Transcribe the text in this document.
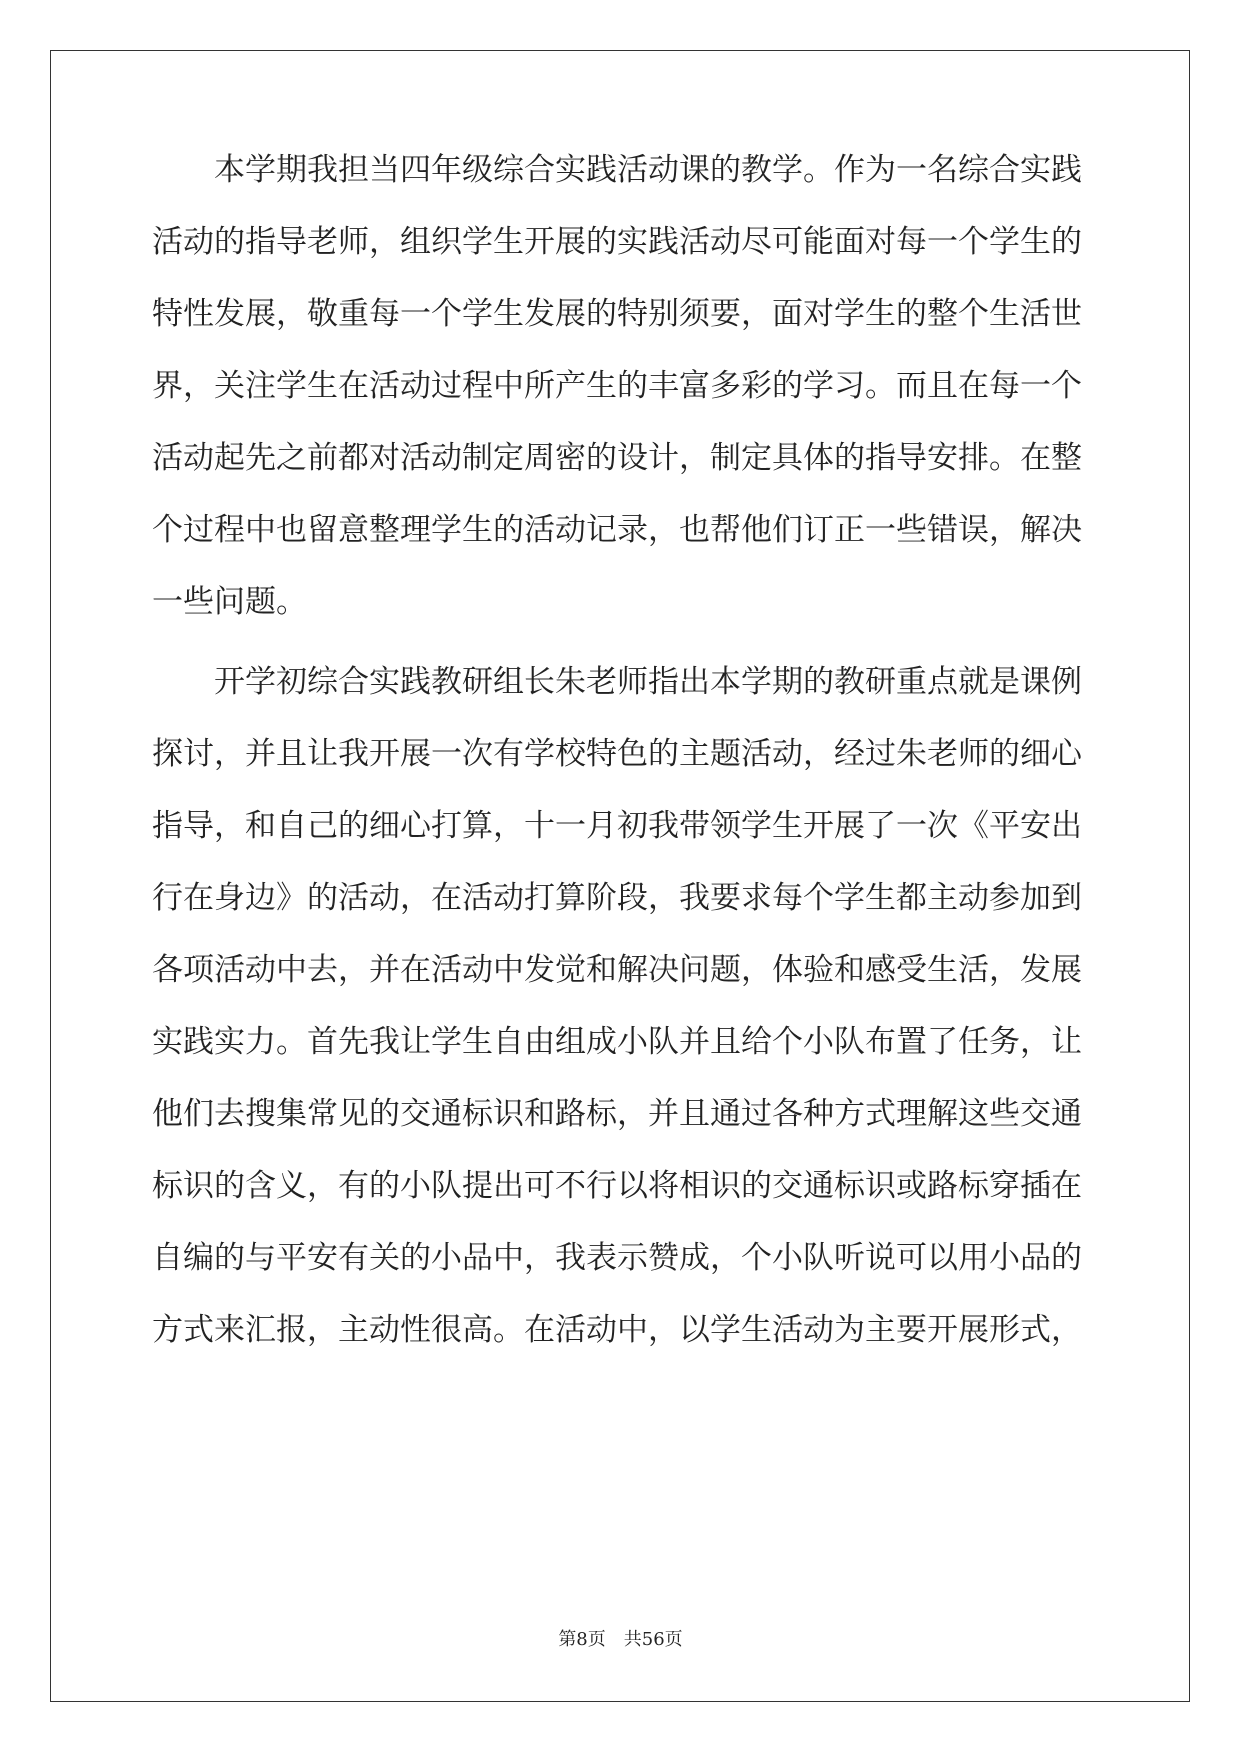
　　本学期我担当四年级综合实践活动课的教学。作为一名综合实践
活动的指导老师，组织学生开展的实践活动尽可能面对每一个学生的
特性发展，敬重每一个学生发展的特别须要，面对学生的整个生活世
界，关注学生在活动过程中所产生的丰富多彩的学习。而且在每一个
活动起先之前都对活动制定周密的设计，制定具体的指导安排。在整
个过程中也留意整理学生的活动记录，也帮他们订正一些错误，解决
一些问题。
　　开学初综合实践教研组长朱老师指出本学期的教研重点就是课例
探讨，并且让我开展一次有学校特色的主题活动，经过朱老师的细心
指导，和自己的细心打算，十一月初我带领学生开展了一次《平安出
行在身边》的活动，在活动打算阶段，我要求每个学生都主动参加到
各项活动中去，并在活动中发觉和解决问题，体验和感受生活，发展
实践实力。首先我让学生自由组成小队并且给个小队布置了任务，让
他们去搜集常见的交通标识和路标，并且通过各种方式理解这些交通
标识的含义，有的小队提出可不行以将相识的交通标识或路标穿插在
自编的与平安有关的小品中，我表示赞成，个小队听说可以用小品的
方式来汇报，主动性很高。在活动中，以学生活动为主要开展形式，
第8页　共56页
